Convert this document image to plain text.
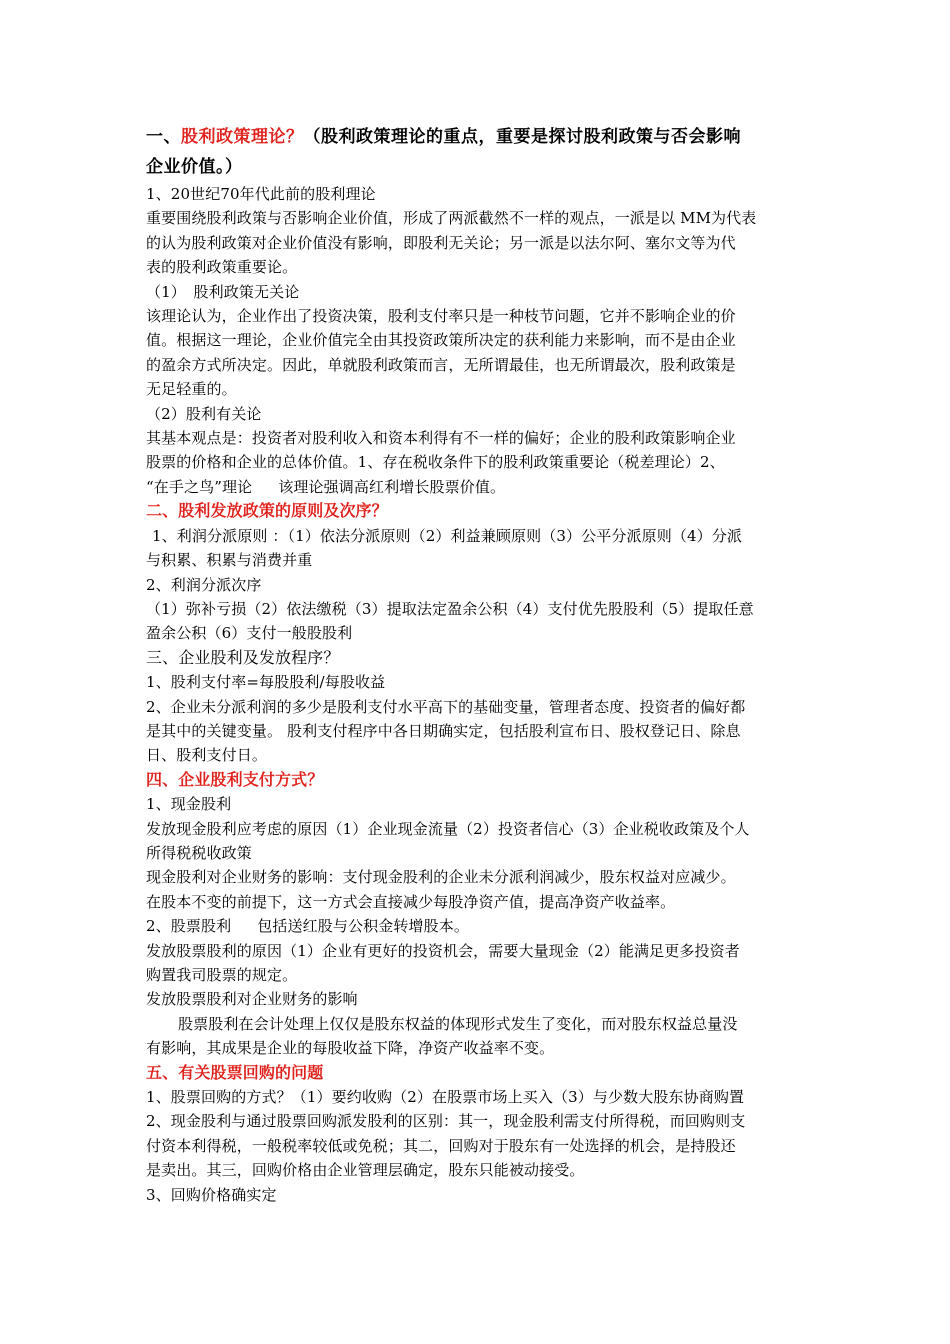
一、股利政策理论？（股利政策理论的重点，重要是探讨股利政策与否会影响
企业价值。）
1、20世纪70年代此前的股利理论
重要围绕股利政策与否影响企业价值，形成了两派截然不一样的观点，一派是以 MM为代表
的认为股利政策对企业价值没有影响，即股利无关论；另一派是以法尔阿、塞尔文等为代
表的股利政策重要论。
（1）　股利政策无关论
该理论认为，企业作出了投资决策，股利支付率只是一种枝节问题，它并不影响企业的价
值。根据这一理论，企业价值完全由其投资政策所决定的获利能力来影响，而不是由企业
的盈余方式所决定。因此，单就股利政策而言，无所谓最佳，也无所谓最次，股利政策是
无足轻重的。
（2）股利有关论
其基本观点是：投资者对股利收入和资本利得有不一样的偏好；企业的股利政策影响企业
股票的价格和企业的总体价值。1、存在税收条件下的股利政策重要论（税差理论）2、
“在手之鸟”理论 该理论强调高红利增长股票价值。
二、股利发放政策的原则及次序？
1、利润分派原则 ：（1）依法分派原则（2）利益兼顾原则（3）公平分派原则（4）分派
与积累、积累与消费并重
2、利润分派次序
（1）弥补亏损（2）依法缴税（3）提取法定盈余公积（4）支付优先股股利（5）提取任意
盈余公积（6）支付一般股股利
三、企业股利及发放程序？
1、股利支付率=每股股利/每股收益
2、企业未分派利润的多少是股利支付水平高下的基础变量，管理者态度、投资者的偏好都
是其中的关键变量。 股利支付程序中各日期确实定，包括股利宣布日、股权登记日、除息
日、股利支付日。
四、企业股利支付方式？
1、现金股利
发放现金股利应考虑的原因（1）企业现金流量（2）投资者信心（3）企业税收政策及个人
所得税税收政策
现金股利对企业财务的影响：支付现金股利的企业未分派利润减少，股东权益对应减少。
在股本不变的前提下，这一方式会直接减少每股净资产值，提高净资产收益率。
2、股票股利 包括送红股与公积金转增股本。
发放股票股利的原因（1）企业有更好的投资机会，需要大量现金（2）能满足更多投资者
购置我司股票的规定。
发放股票股利对企业财务的影响
股票股利在会计处理上仅仅是股东权益的体现形式发生了变化，而对股东权益总量没
有影响，其成果是企业的每股收益下降，净资产收益率不变。
五、有关股票回购的问题
1、股票回购的方式？（1）要约收购（2）在股票市场上买入（3）与少数大股东协商购置
2、现金股利与通过股票回购派发股利的区别：其一，现金股利需支付所得税，而回购则支
付资本利得税，一般税率较低或免税；其二，回购对于股东有一处选择的机会，是持股还
是卖出。其三，回购价格由企业管理层确定，股东只能被动接受。
3、回购价格确实定
